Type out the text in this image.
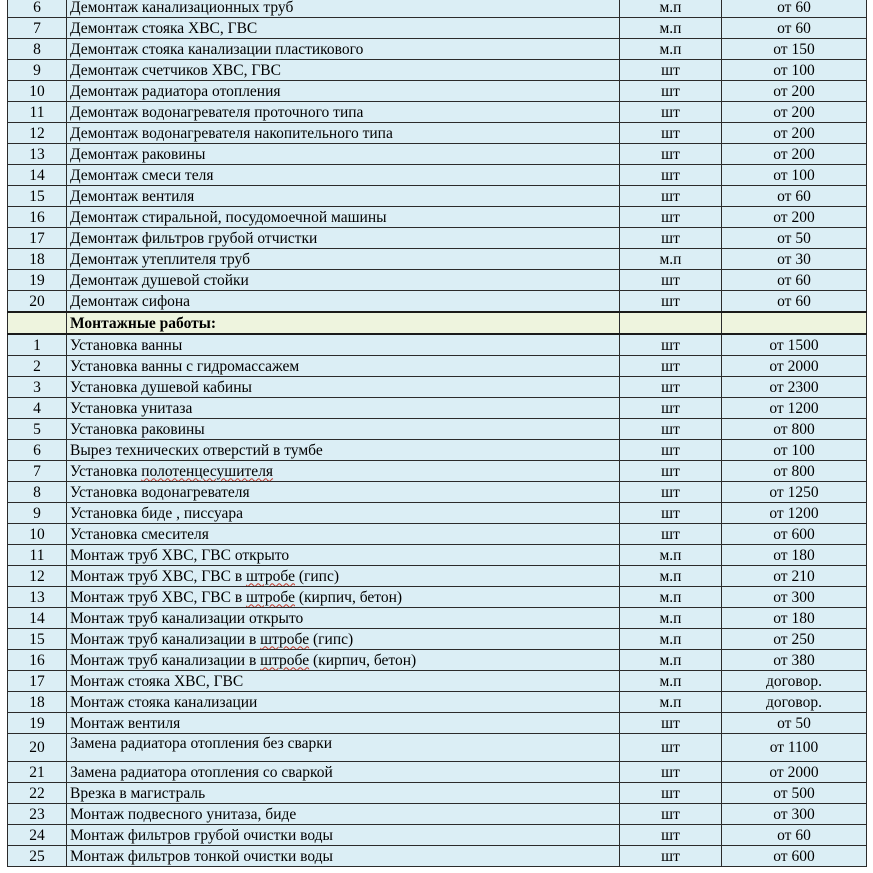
6	Демонтаж канализационных труб	м.п	от 60
7	Демонтаж стояка ХВС, ГВС	м.п	от 60
8	Демонтаж стояка канализации пластикового	м.п	от 150
9	Демонтаж счетчиков ХВС, ГВС	шт	от 100
10	Демонтаж радиатора отопления	шт	от 200
11	Демонтаж водонагревателя проточного типа	шт	от 200
12	Демонтаж водонагревателя накопительного типа	шт	от 200
13	Демонтаж раковины	шт	от 200
14	Демонтаж смеси теля	шт	от 100
15	Демонтаж вентиля	шт	от 60
16	Демонтаж стиральной, посудомоечной машины	шт	от 200
17	Демонтаж фильтров грубой отчистки	шт	от 50
18	Демонтаж утеплителя труб	м.п	от 30
19	Демонтаж душевой стойки	шт	от 60
20	Демонтаж сифона	шт	от 60
	Монтажные работы:		
1	Установка ванны	шт	от 1500
2	Установка ванны с гидромассажем	шт	от 2000
3	Установка душевой кабины	шт	от 2300
4	Установка унитаза	шт	от 1200
5	Установка раковины	шт	от 800
6	Вырез технических отверстий в тумбе	шт	от 100
7	Установка полотенцесушителя	шт	от 800
8	Установка водонагревателя	шт	от 1250
9	Установка биде , писсуара	шт	от 1200
10	Установка смесителя	шт	от 600
11	Монтаж труб ХВС, ГВС открыто	м.п	от 180
12	Монтаж труб ХВС, ГВС в штробе (гипс)	м.п	от 210
13	Монтаж труб ХВС, ГВС в штробе (кирпич, бетон)	м.п	от 300
14	Монтаж труб канализации открыто	м.п	от 180
15	Монтаж труб канализации в штробе (гипс)	м.п	от 250
16	Монтаж труб канализации в штробе (кирпич, бетон)	м.п	от 380
17	Монтаж стояка ХВС, ГВС	м.п	договор.
18	Монтаж стояка канализации	м.п	договор.
19	Монтаж вентиля	шт	от 50
20	Замена радиатора отопления без сварки	шт	от 1100
21	Замена радиатора отопления со сваркой	шт	от 2000
22	Врезка в магистраль	шт	от 500
23	Монтаж подвесного унитаза, биде	шт	от 300
24	Монтаж фильтров грубой очистки воды	шт	от 60
25	Монтаж фильтров тонкой очистки воды	шт	от 600
